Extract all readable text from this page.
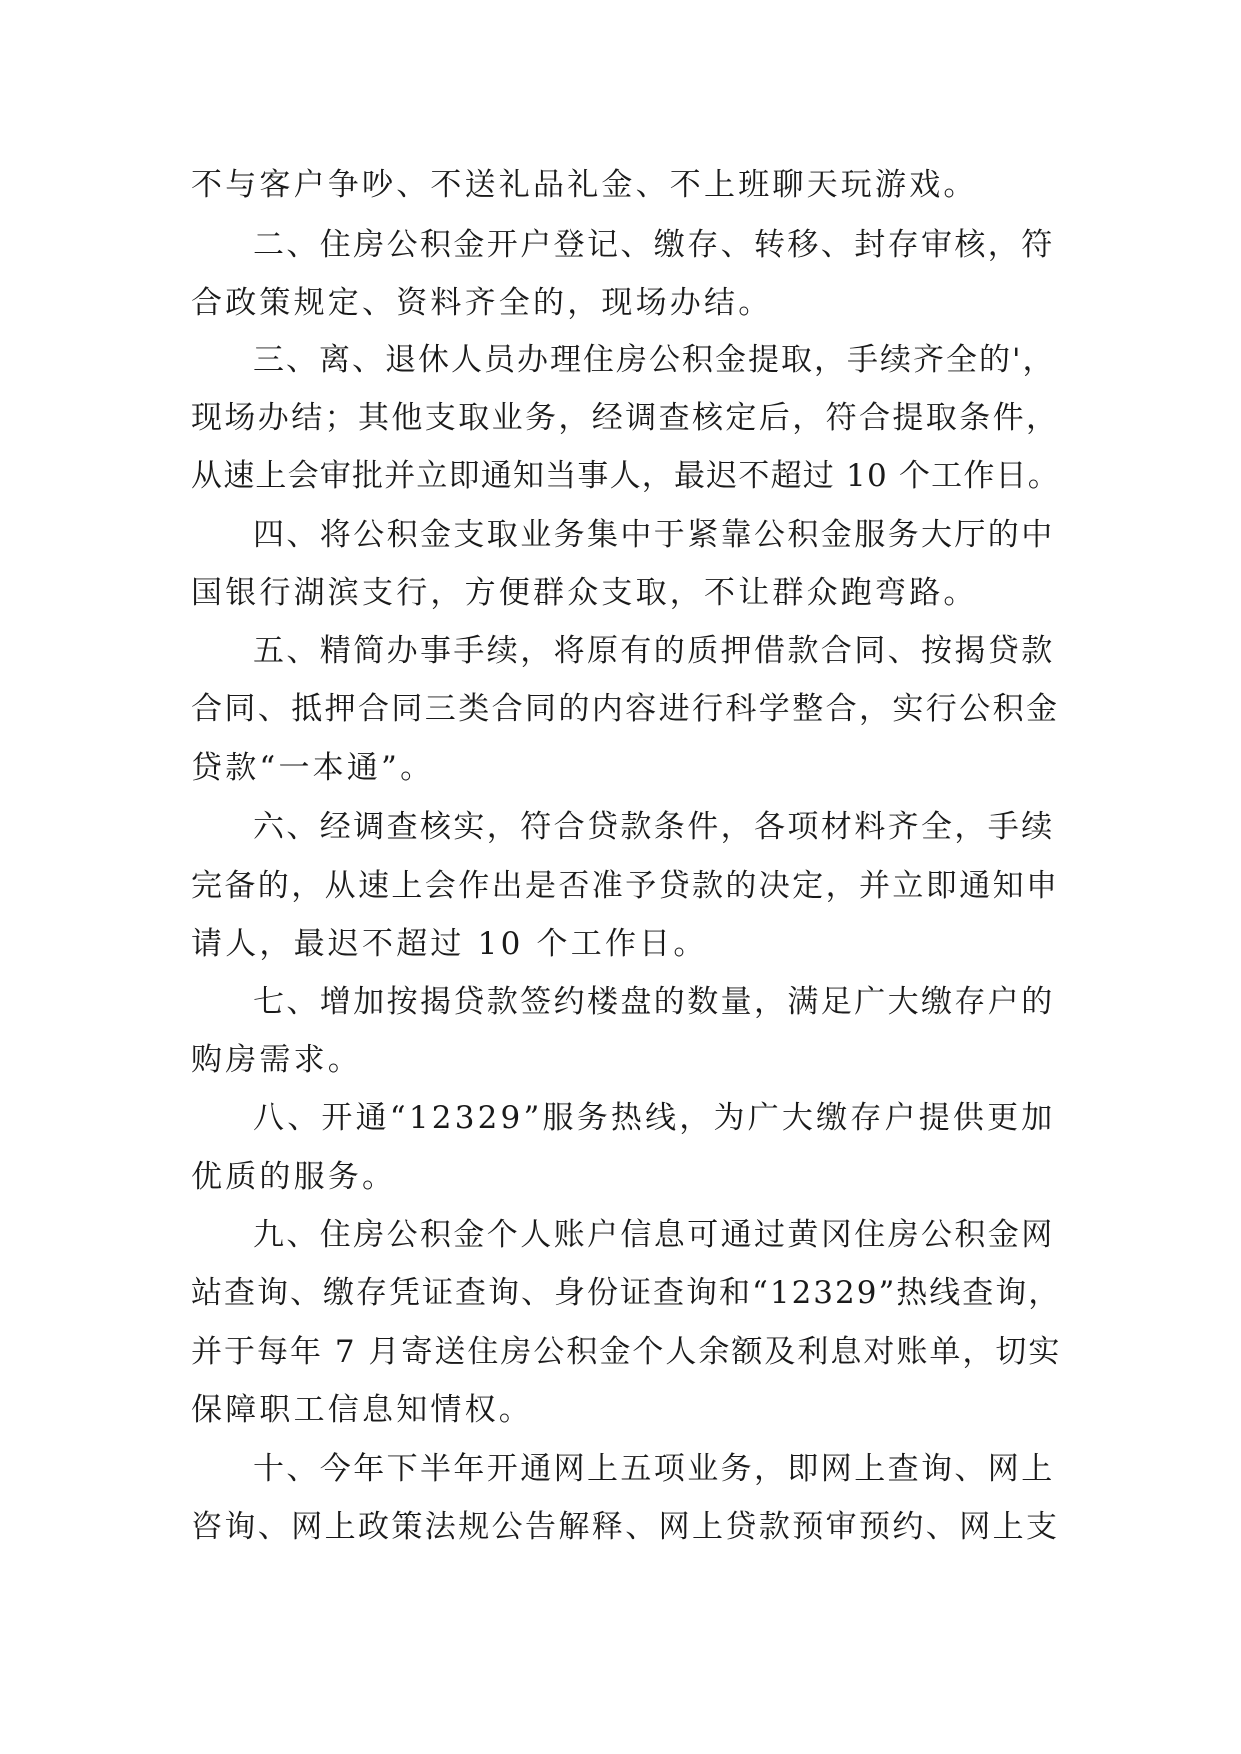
不与客户争吵、不送礼品礼金、不上班聊天玩游戏。
二、住房公积金开户登记、缴存、转移、封存审核，符
合政策规定、资料齐全的，现场办结。
三、离、退休人员办理住房公积金提取，手续齐全的'，
现场办结；其他支取业务，经调查核定后，符合提取条件，
从速上会审批并立即通知当事人，最迟不超过 10 个工作日。
四、将公积金支取业务集中于紧靠公积金服务大厅的中
国银行湖滨支行，方便群众支取，不让群众跑弯路。
五、精简办事手续，将原有的质押借款合同、按揭贷款
合同、抵押合同三类合同的内容进行科学整合，实行公积金
贷款“一本通”。
六、经调查核实，符合贷款条件，各项材料齐全，手续
完备的，从速上会作出是否准予贷款的决定，并立即通知申
请人，最迟不超过 10 个工作日。
七、增加按揭贷款签约楼盘的数量，满足广大缴存户的
购房需求。
八、开通“12329”服务热线，为广大缴存户提供更加
优质的服务。
九、住房公积金个人账户信息可通过黄冈住房公积金网
站查询、缴存凭证查询、身份证查询和“12329”热线查询，
并于每年 7 月寄送住房公积金个人余额及利息对账单，切实
保障职工信息知情权。
十、今年下半年开通网上五项业务，即网上查询、网上
咨询、网上政策法规公告解释、网上贷款预审预约、网上支
